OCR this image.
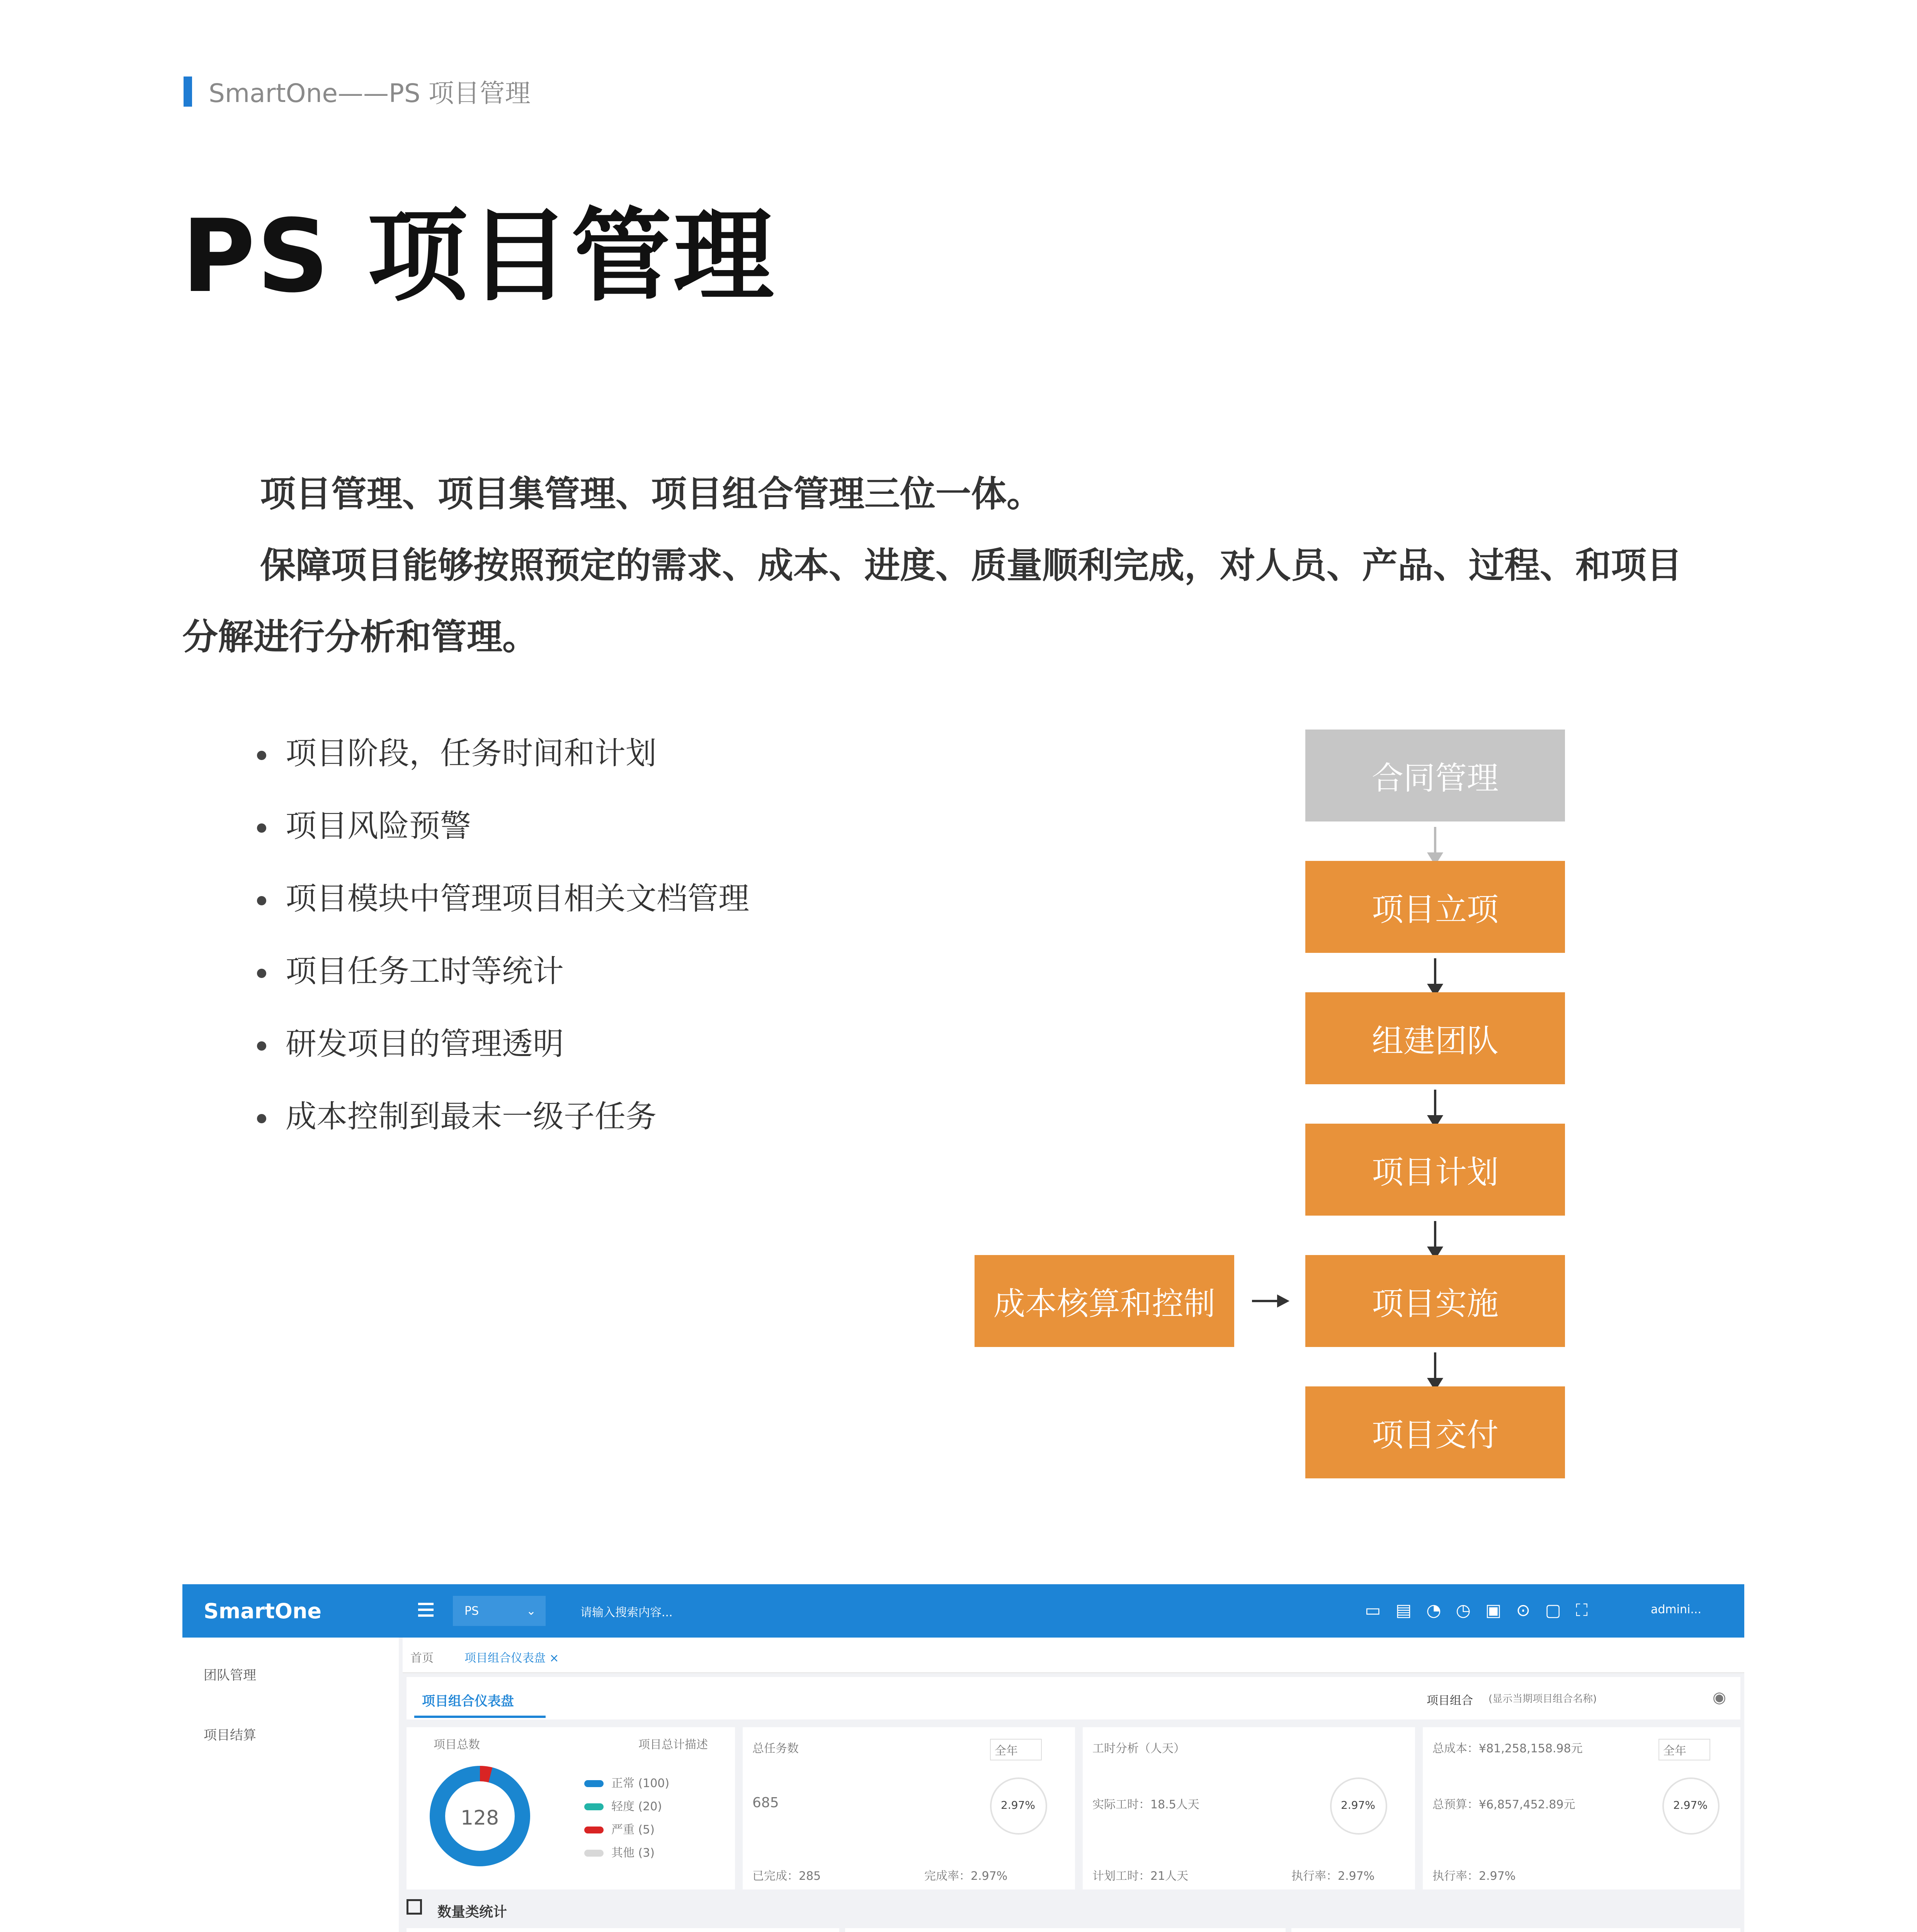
SmartOne——PS 项目管理
PS 项目管理
项目管理、项目集管理、项目组合管理三位一体。
保障项目能够按照预定的需求、成本、进度、质量顺利完成，对人员、产品、过程、和项目
分解进行分析和管理。
项目阶段，任务时间和计划
项目风险预警
项目模块中管理项目相关文档管理
项目任务工时等统计
研发项目的管理透明
成本控制到最末一级子任务
合同管理
项目立项
组建团队
项目计划
项目实施
项目交付
成本核算和控制
SmartOne	PS	⌄	请输入搜索内容...	▭▤◔◷▣⊙▢⛶	admini...
团队管理
项目结算
首页	项目组合仪表盘 ×
项目组合仪表盘	项目组合 (显示当期项目组合名称)	◉
项目总数	项目总计描述
128
正常 (100)
轻度 (20)
严重 (5)
其他 (3)
总任务数	全年
685	2.97%
已完成：285	完成率：2.97%
工时分析（人天）
实际工时：18.5人天	2.97%
计划工时：21人天	执行率：2.97%
总成本：¥81,258,158.98元	全年
总预算：¥6,857,452.89元	2.97%
执行率：2.97%
数量类统计
